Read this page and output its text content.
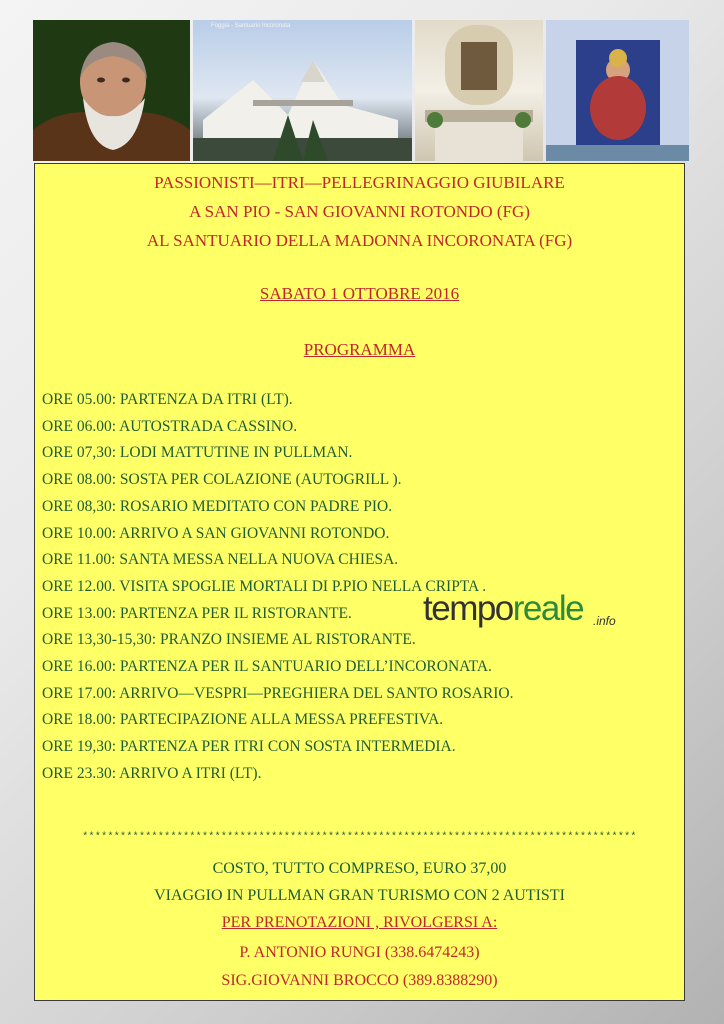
Foggia - Santuario Incoronata
PASSIONISTI—ITRI—PELLEGRINAGGIO GIUBILARE
A SAN PIO - SAN GIOVANNI ROTONDO (FG)
AL SANTUARIO DELLA MADONNA INCORONATA (FG)
SABATO 1 OTTOBRE 2016
PROGRAMMA
ORE 05.00: PARTENZA DA ITRI (LT).
ORE 06.00: AUTOSTRADA CASSINO.
ORE 07,30: LODI MATTUTINE IN PULLMAN.
ORE 08.00: SOSTA PER COLAZIONE (AUTOGRILL ).
ORE 08,30: ROSARIO MEDITATO CON PADRE PIO.
ORE 10.00: ARRIVO A SAN GIOVANNI ROTONDO.
ORE 11.00: SANTA MESSA NELLA NUOVA CHIESA.
ORE 12.00. VISITA SPOGLIE MORTALI DI P.PIO NELLA CRIPTA .
ORE 13.00: PARTENZA PER IL RISTORANTE.
ORE 13,30-15,30: PRANZO INSIEME AL RISTORANTE.
ORE 16.00: PARTENZA PER IL SANTUARIO DELL’INCORONATA.
ORE 17.00: ARRIVO—VESPRI—PREGHIERA DEL SANTO ROSARIO.
ORE 18.00: PARTECIPAZIONE ALLA MESSA PREFESTIVA.
ORE 19,30: PARTENZA PER ITRI CON SOSTA INTERMEDIA.
ORE 23.30: ARRIVO A ITRI (LT).
****************************************************************************************
COSTO, TUTTO COMPRESO, EURO 37,00
VIAGGIO IN PULLMAN GRAN TURISMO CON 2 AUTISTI
PER PRENOTAZIONI , RIVOLGERSI A:
P. ANTONIO RUNGI (338.6474243)
SIG.GIOVANNI BROCCO (389.8388290)
temporeale .info
